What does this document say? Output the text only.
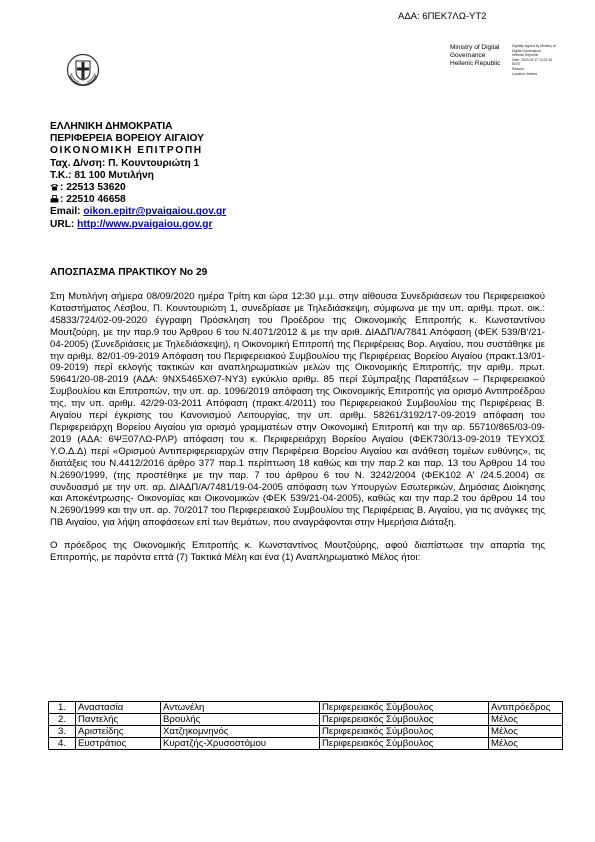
ΑΔΑ: 6ΠΕΚ7ΛΩ-ΥΤ2
Ministry of Digital
Governance
Hellenic Republic
Digitally signed by Ministry of
Digital Governance,
Hellenic Republic
Date: 2020.09.17 13:22:16
EEST
Reason:
Location: Athens
ΕΛΛΗΝΙΚΗ ΔΗΜΟΚΡΑΤΙΑ
ΠΕΡΙΦΕΡΕΙΑ ΒΟΡΕΙΟΥ ΑΙΓΑΙΟΥ
ΟΙΚΟΝΟΜΙΚΗ ΕΠΙΤΡΟΠΗ
Ταχ. Δ/νση: Π. Κουντουριώτη 1
Τ.Κ.: 81 100 Μυτιλήνη
: 22513 53620
: 22510 46658
Email: oikon.epitr@pvaigaiou.gov.gr
URL: http://www.pvaigaiou.gov.gr
ΑΠΟΣΠΑΣΜΑ ΠΡΑΚΤΙΚΟΥ Νο 29

Στη Μυτιλήνη σήμερα 08/09/2020 ημέρα Τρίτη και ώρα 12:30 μ.μ. στην αίθουσα Συνεδριάσεων του Περιφερειακού Καταστήματος Λέσβου, Π. Κουντουριώτη 1, συνεδρίασε με Τηλεδιάσκεψη, σύμφωνα με την υπ. αριθμ. πρωτ. οικ.: 45833/724/02-09-2020 έγγραφη Πρόσκληση του Προέδρου της Οικονομικής Επιτροπής κ. Κωνσταντίνου Μουτζούρη, με την παρ.9 του Άρθρου 6 του Ν.4071/2012 & με την αριθ. ΔΙΑΔΠ/Α/7841 Απόφαση (ΦΕΚ 539/Β'/21-04-2005) (Συνεδριάσεις με Τηλεδιάσκεψη), η Οικονομική Επιτροπή της Περιφέρειας Βορ. Αιγαίου, που συστάθηκε με την αριθμ. 82/01-09-2019 Απόφαση του Περιφερειακού Συμβουλίου της Περιφέρειας Βορείου Αιγαίου (πρακτ.13/01-09-2019) περί εκλογής τακτικών και αναπληρωματικών μελών της Οικονομικής Επιτροπής, την αριθμ. πρωτ. 59641/20-08-2019 (ΑΔΑ: 9ΝΧ5465ΧΘ7-ΝΥ3) εγκύκλιο αριθμ. 85 περί Σύμπραξης Παρατάξεων – Περιφερειακού Συμβουλίου και Επιτροπών, την υπ. αρ. 1096/2019 απόφαση της Οικονομικής Επιτροπής για ορισμό Αντιπροέδρου της, την υπ. αριθμ. 42/29-03-2011 Απόφαση (πρακτ.4/2011) του Περιφερειακού Συμβουλίου της Περιφέρειας Β. Αιγαίου περί έγκρισης του Κανονισμού Λειτουργίας, την υπ. αριθμ. 58261/3192/17-09-2019 απόφαση του Περιφερειάρχη Βορείου Αιγαίου για ορισμό γραμματέων στην Οικονομική Επιτροπή και την αρ. 55710/865/03-09-2019 (ΑΔΑ: 6ΨΞ07ΛΩ-ΡΛΡ) απόφαση του κ. Περιφερειάρχη Βορείου Αιγαίου (ΦΕΚ730/13-09-2019 ΤΕΥΧΟΣ Υ.Ο.Δ.Δ) περί «Ορισμού Αντιπεριφερειαρχών στην Περιφέρεια Βορείου Αιγαίου και ανάθεση τομέων ευθύνης», τις διατάξεις του Ν.4412/2016 άρθρο 377 παρ.1 περίπτωση 18 καθώς και την παρ.2 και παρ. 13 του Άρθρου 14 του Ν.2690/1999, (της προστέθηκε με την παρ. 7 του άρθρου 6 του Ν. 3242/2004 (ΦΕΚ102 Α' /24.5.2004) σε συνδυασμό με την υπ. αρ. ΔΙΑΔΠ/Α/7481/19-04-2005 απόφαση των Υπουργών Εσωτερικών, Δημόσιας Διοίκησης και Αποκέντρωσης- Οικονομίας και Οικονομικών (ΦΕΚ 539/21-04-2005), καθώς και την παρ.2 του άρθρου 14 του Ν.2690/1999 και την υπ. αρ. 70/2017 του Περιφερειακού Συμβουλίου της Περιφέρειας Β. Αιγαίου, για τις ανάγκες της ΠΒ Αιγαίου, για λήψη αποφάσεων επί των θεμάτων, που αναγράφονται στην Ημερήσια Διάταξη.

Ο πρόεδρος της Οικονομικής Επιτροπής κ. Κωνσταντίνος Μουτζούρης, αφού διαπίστωσε την απαρτία της Επιτροπής, με παρόντα επτά (7) Τακτικά Μέλη και ένα (1) Αναπληρωματικό Μέλος ήτοι:

1.	Αναστασία	Αντωνέλη	Περιφερειακός Σύμβουλος	Αντιπρόεδρος
2.	Παντελής	Βρουλής	Περιφερειακός Σύμβουλος	Μέλος
3.	Αριστείδης	Χατζηκομνηνός	Περιφερειακός Σύμβουλος	Μέλος
4.	Ευστράτιος	Κυρατζής-Χρυσοστόμου	Περιφερειακός Σύμβουλος	Μέλος
